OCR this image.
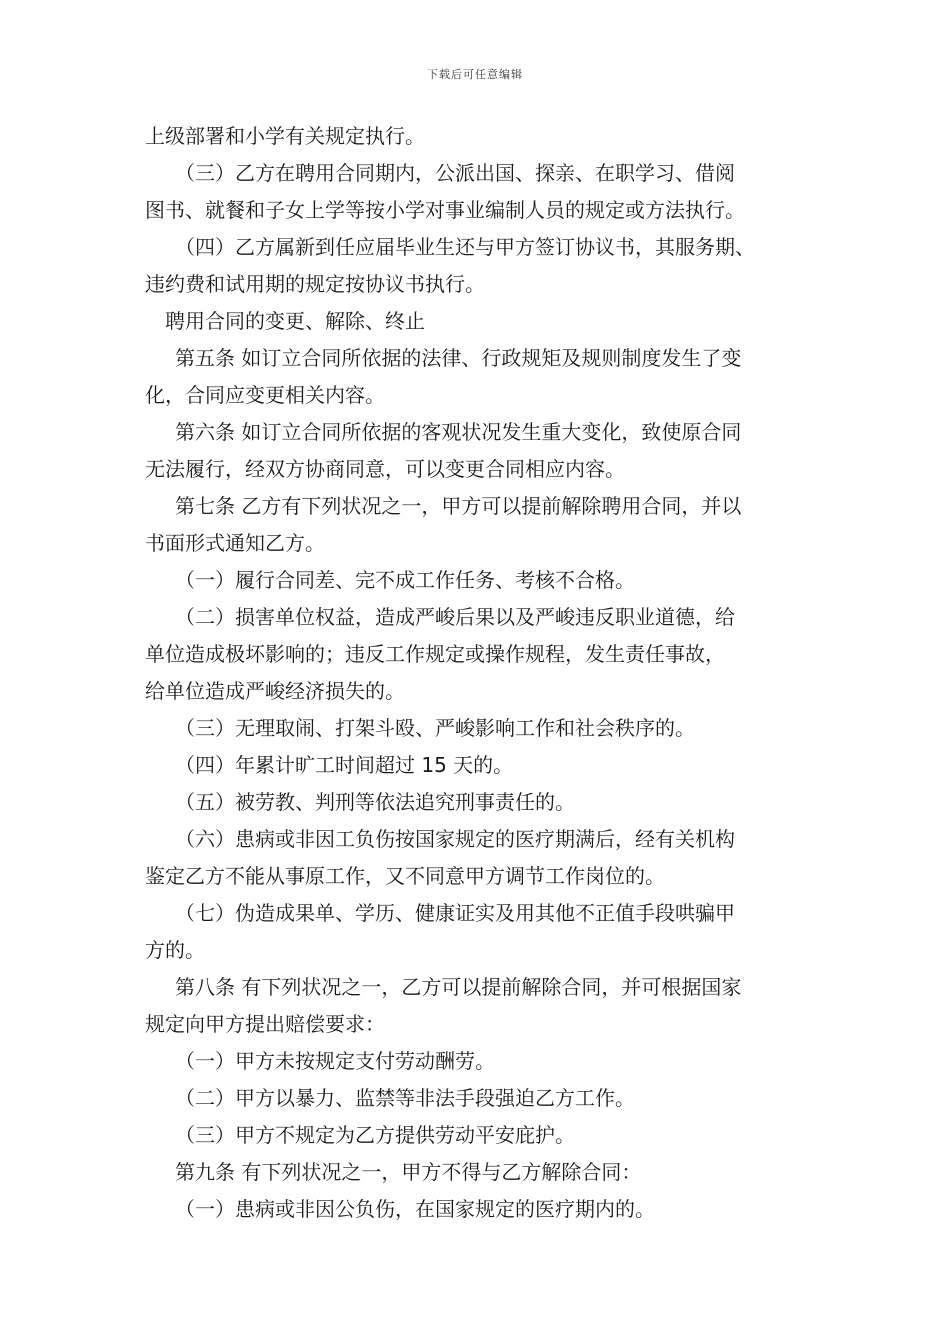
下载后可任意编辑
上级部署和小学有关规定执行。
（三）乙方在聘用合同期内，公派出国、探亲、在职学习、借阅
图书、就餐和子女上学等按小学对事业编制人员的规定或方法执行。
（四）乙方属新到任应届毕业生还与甲方签订协议书，其服务期、
违约费和试用期的规定按协议书执行。
聘用合同的变更、解除、终止
第五条 如订立合同所依据的法律、行政规矩及规则制度发生了变
化，合同应变更相关内容。
第六条 如订立合同所依据的客观状况发生重大变化，致使原合同
无法履行，经双方协商同意，可以变更合同相应内容。
第七条 乙方有下列状况之一，甲方可以提前解除聘用合同，并以
书面形式通知乙方。
（一）履行合同差、完不成工作任务、考核不合格。
（二）损害单位权益，造成严峻后果以及严峻违反职业道德，给
单位造成极坏影响的；违反工作规定或操作规程，发生责任事故，
给单位造成严峻经济损失的。
（三）无理取闹、打架斗殴、严峻影响工作和社会秩序的。
（四）年累计旷工时间超过 15 天的。
（五）被劳教、判刑等依法追究刑事责任的。
（六）患病或非因工负伤按国家规定的医疗期满后，经有关机构
鉴定乙方不能从事原工作，又不同意甲方调节工作岗位的。
（七）伪造成果单、学历、健康证实及用其他不正值手段哄骗甲
方的。
第八条 有下列状况之一，乙方可以提前解除合同，并可根据国家
规定向甲方提出赔偿要求：
（一）甲方未按规定支付劳动酬劳。
（二）甲方以暴力、监禁等非法手段强迫乙方工作。
（三）甲方不规定为乙方提供劳动平安庇护。
第九条 有下列状况之一，甲方不得与乙方解除合同：
（一）患病或非因公负伤，在国家规定的医疗期内的。
